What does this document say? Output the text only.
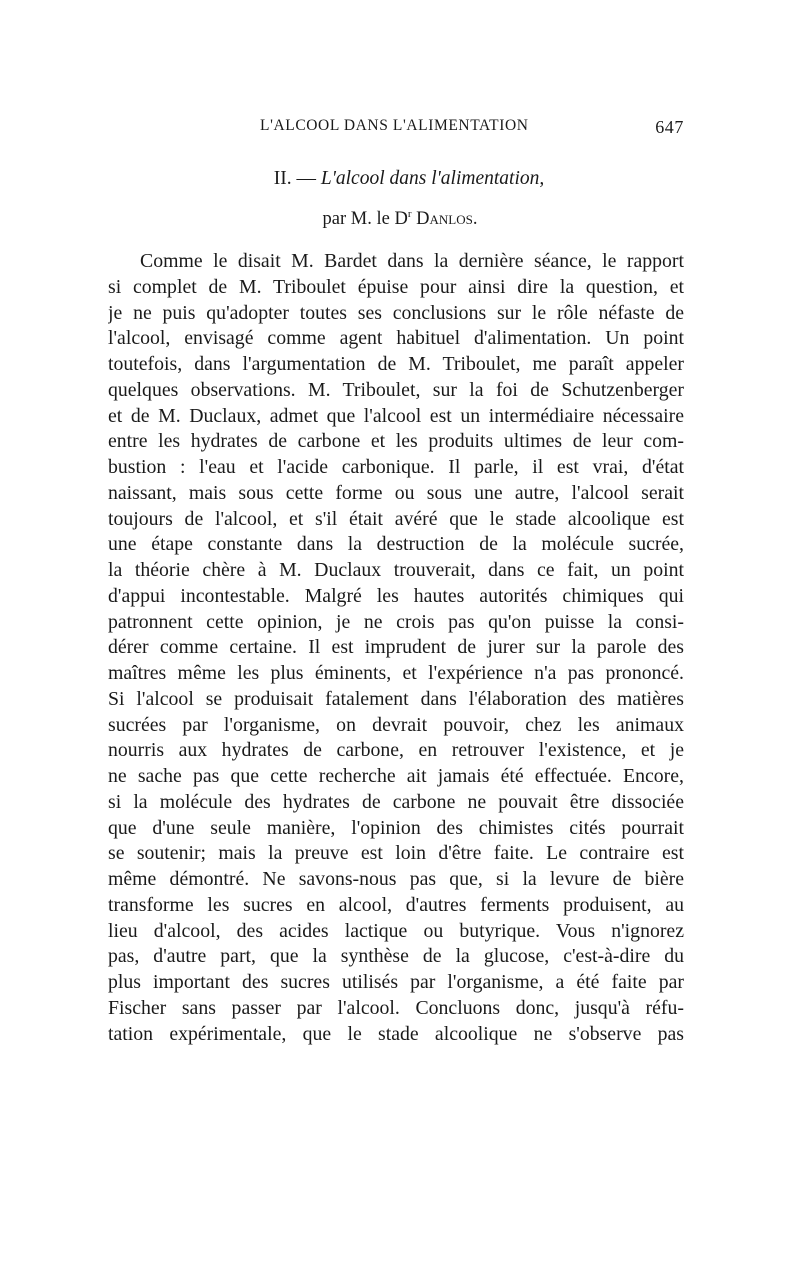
L'ALCOOL DANS L'ALIMENTATION	647
II. — L'alcool dans l'alimentation,
par M. le $D^r$ Danlos.
Comme le disait M. Bardet dans la dernière séance, le rapport
si complet de M. Triboulet épuise pour ainsi dire la question, et
je ne puis qu'adopter toutes ses conclusions sur le rôle néfaste de
l'alcool, envisagé comme agent habituel d'alimentation. Un point
toutefois, dans l'argumentation de M. Triboulet, me paraît appeler
quelques observations. M. Triboulet, sur la foi de Schutzenberger
et de M. Duclaux, admet que l'alcool est un intermédiaire nécessaire
entre les hydrates de carbone et les produits ultimes de leur com-
bustion : l'eau et l'acide carbonique. Il parle, il est vrai, d'état
naissant, mais sous cette forme ou sous une autre, l'alcool serait
toujours de l'alcool, et s'il était avéré que le stade alcoolique est
une étape constante dans la destruction de la molécule sucrée,
la théorie chère à M. Duclaux trouverait, dans ce fait, un point
d'appui incontestable. Malgré les hautes autorités chimiques qui
patronnent cette opinion, je ne crois pas qu'on puisse la consi-
dérer comme certaine. Il est imprudent de jurer sur la parole des
maîtres même les plus éminents, et l'expérience n'a pas prononcé.
Si l'alcool se produisait fatalement dans l'élaboration des matières
sucrées par l'organisme, on devrait pouvoir, chez les animaux
nourris aux hydrates de carbone, en retrouver l'existence, et je
ne sache pas que cette recherche ait jamais été effectuée. Encore,
si la molécule des hydrates de carbone ne pouvait être dissociée
que d'une seule manière, l'opinion des chimistes cités pourrait
se soutenir; mais la preuve est loin d'être faite. Le contraire est
même démontré. Ne savons-nous pas que, si la levure de bière
transforme les sucres en alcool, d'autres ferments produisent, au
lieu d'alcool, des acides lactique ou butyrique. Vous n'ignorez
pas, d'autre part, que la synthèse de la glucose, c'est-à-dire du
plus important des sucres utilisés par l'organisme, a été faite par
Fischer sans passer par l'alcool. Concluons donc, jusqu'à réfu-
tation expérimentale, que le stade alcoolique ne s'observe pas
